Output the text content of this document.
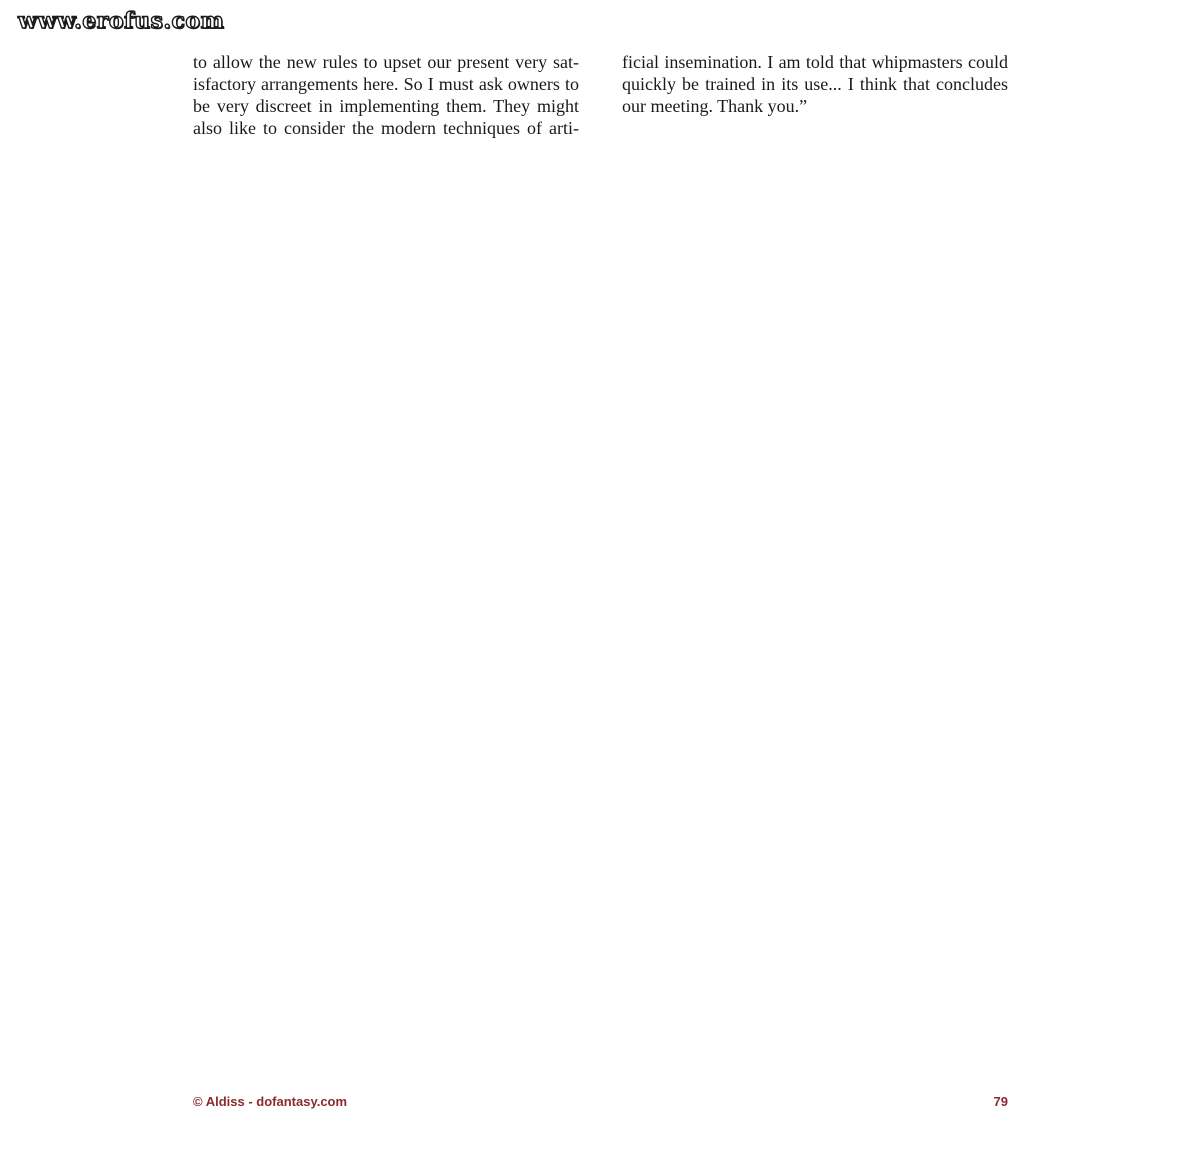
www.erofus.com
to allow the new rules to upset our present very sat-
isfactory arrangements here. So I must ask owners to
be very discreet in implementing them. They might
also like to consider the modern techniques of arti-
ficial insemination. I am told that whipmasters could
quickly be trained in its use... I think that concludes
our meeting. Thank you.”
© Aldiss - dofantasy.com	79
